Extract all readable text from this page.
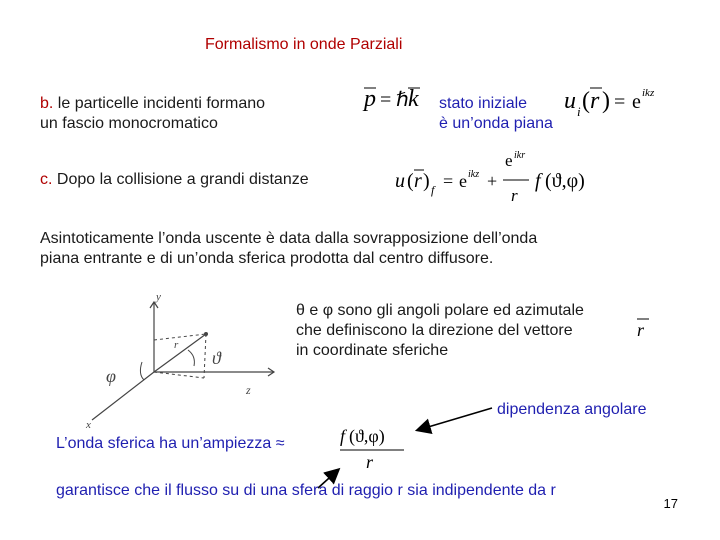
Formalismo in onde Parziali
b. le particelle incidenti formano
un fascio monocromatico
p = ℏ k stato iniziale
è un’onda piana
u i ( r ) = e ikz
c. Dopo la collisione a grandi distanze	u ( r ) f = e ikz +
e ikr
r
f (ϑ,φ)
Asintoticamente l’onda uscente è data dalla sovrapposizione dell’onda
piana entrante e di un’onda sferica prodotta dal centro diffusore.
y
z
x
r
ϑ
φ
θ e φ sono gli angoli polare ed azimutale
che definiscono la direzione del vettore
in coordinate sferiche
r
dipendenza angolare
L’onda sferica ha un’ampiezza ≈	f (ϑ,φ)
r
garantisce che il flusso su di una sfera di raggio r sia indipendente da r
17
